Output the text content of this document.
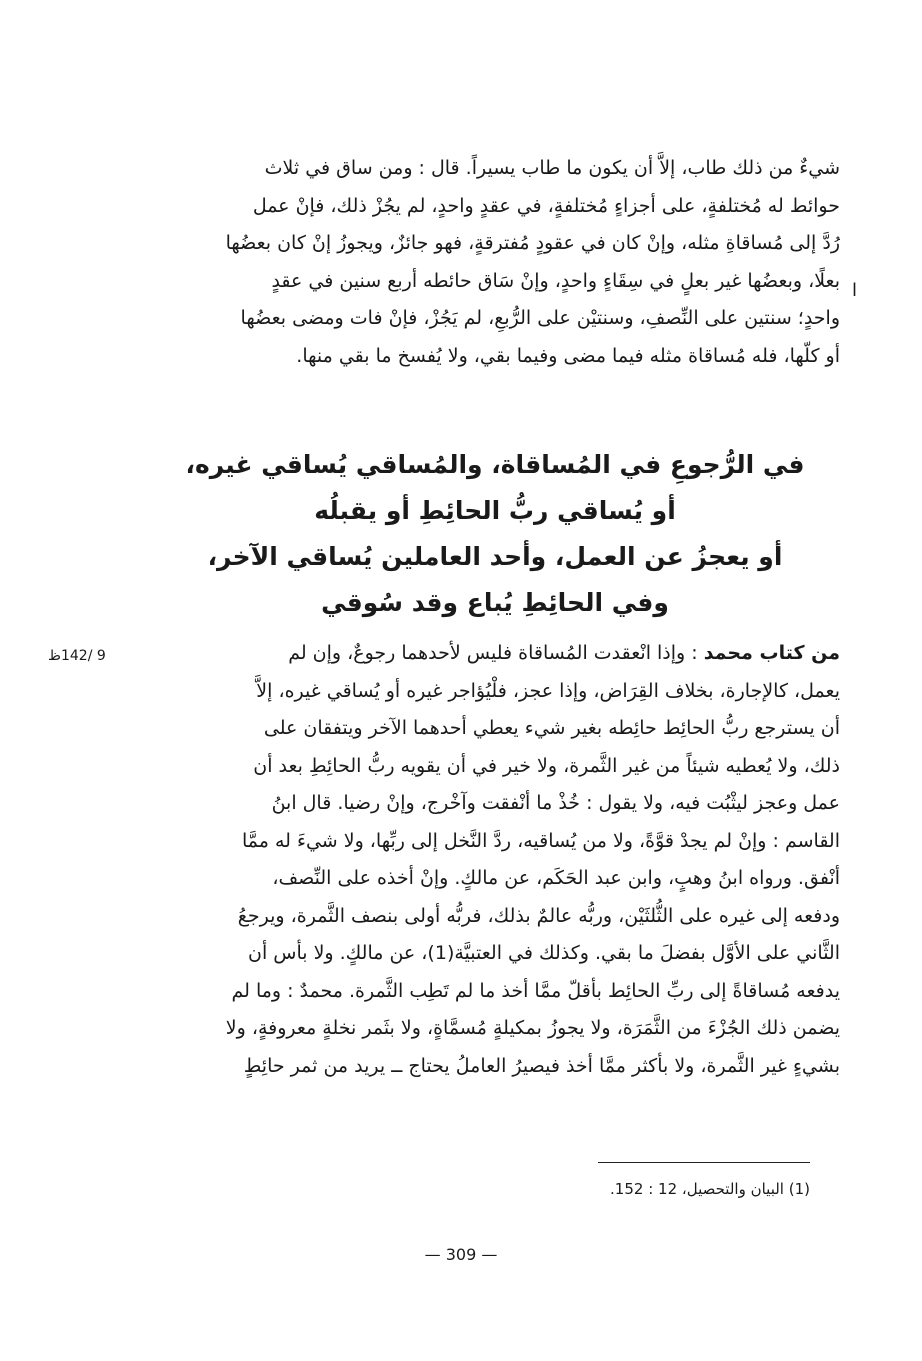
شيءٌ من ذلك طاب، إلاَّ أن يكون ما طاب يسيراً. قال : ومن ساق في ثلاث
حوائط له مُختلفةٍ، على أجزاءٍ مُختلفةٍ، في عقدٍ واحدٍ، لم يجُزْ ذلك، فإنْ عمل
رُدَّ إلى مُساقاةِ مثله، وإنْ كان في عقودٍ مُفترقةٍ، فهو جائزٌ، ويجوزُ إنْ كان بعضُها
بعلًا، وبعضُها غير بعلٍ في سِقَاءٍ واحدٍ، وإنْ سَاق حائطه أربع سنين في عقدٍ
واحدٍ؛ سنتين على النِّصفِ، وسنتيْن على الرُّبعِ، لم يَجُزْ، فإنْ فات ومضى بعضُها
أو كلّها، فله مُساقاة مثله فيما مضى وفيما بقي، ولا يُفسخ ما بقي منها.

ا
في الرُّجوعِ في المُساقاة، والمُساقي يُساقي غيره،
أو يُساقي ربُّ الحائِطِ أو يقبلُه
أو يعجزُ عن العمل، وأحد العاملين يُساقي الآخر،
وفي الحائِطِ يُباع وقد سُوقي
9 /142ظ	من كتاب محمد : وإذا انْعقدت المُساقاة فليس لأحدهما رجوعٌ، وإن لم
يعمل، كالإجارة، بخلاف القِرَاض، وإذا عجز، فلْيُؤاجر غيره أو يُساقي غيره، إلاَّ
أن يسترجع ربُّ الحائِط حائِطه بغير شيء يعطي أحدهما الآخر ويتفقان على
ذلك، ولا يُعطيه شيئاً من غير الثَّمرة، ولا خير في أن يقويه ربُّ الحائِطِ بعد أن
عمل وعجز ليثْبُت فيه، ولا يقول : خُذْ ما أنْفقت وآخْرج، وإنْ رضيا. قال ابنُ
القاسم : وإنْ لم يجدْ قوَّةً، ولا من يُساقيه، ردَّ النَّخل إلى ربِّها، ولا شيءَ له ممَّا
أنْفق. ورواه ابنُ وهبٍ، وابن عبد الحَكَم، عن مالكٍ. وإنْ أخذه على النِّصف،
ودفعه إلى غيره على الثُّلثَيْن، وربُّه عالمٌ بذلك، فربُّه أولى بنصف الثَّمرة، ويرجعُ
الثَّاني على الأوَّل بفضلَ ما بقي. وكذلك في العتبيَّة(1)، عن مالكٍ. ولا بأس أن
يدفعه مُساقاةً إلى ربِّ الحائِط بأقلّ ممَّا أخذ ما لم تَطِب الثَّمرة. محمدٌ : وما لم
يضمن ذلك الجُزْءَ من الثَّمَرَة، ولا يجوزُ بمكيلةٍ مُسمَّاةٍ، ولا بثَمر نخلةٍ معروفةٍ، ولا
بشيءٍ غير الثَّمرة، ولا بأكثر ممَّا أخذ فيصيرُ العاملُ يحتاج ــ يريد من ثمر حائِطٍ

(1) البيان والتحصيل، 12 : 152.
— 309 —
